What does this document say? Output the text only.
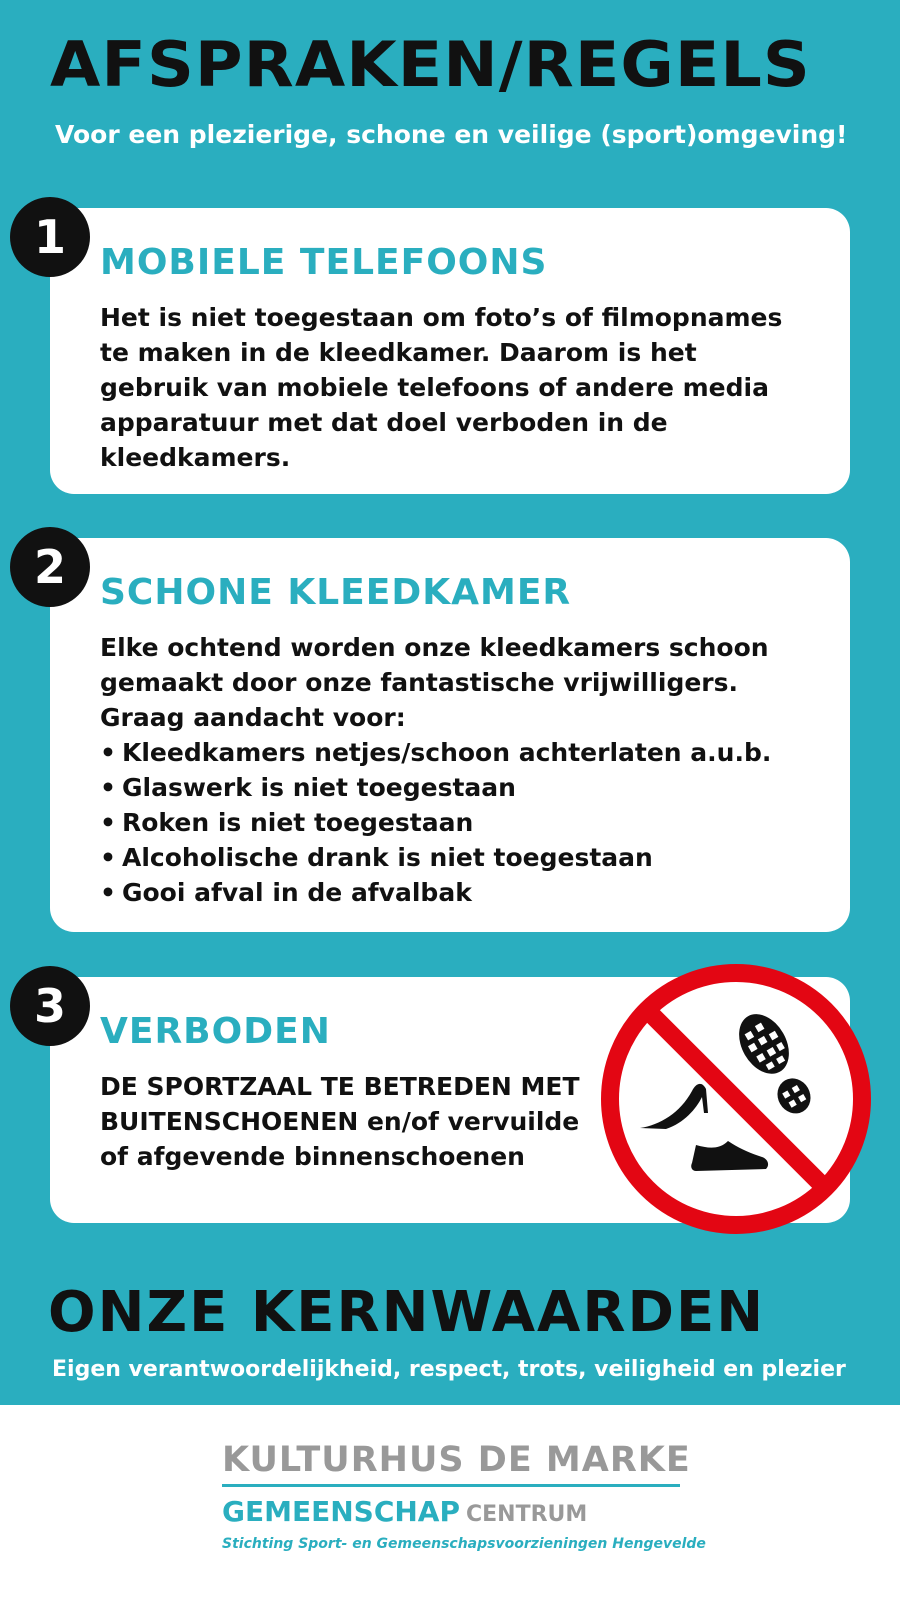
AFSPRAKEN/REGELS
Voor een plezierige, schone en veilige (sport)omgeving!
MOBIELE TELEFOONS
Het is niet toegestaan om foto’s of filmopnames te maken in de kleedkamer. Daarom is het gebruik van mobiele telefoons of andere media apparatuur met dat doel verboden in de kleedkamers.
1
SCHONE KLEEDKAMER
Elke ochtend worden onze kleedkamers schoon gemaakt door onze fantastische vrijwilligers. Graag aandacht voor:
• Kleedkamers netjes/schoon achterlaten a.u.b.
• Glaswerk is niet toegestaan
• Roken is niet toegestaan
• Alcoholische drank is niet toegestaan
• Gooi afval in de afvalbak
2
VERBODEN
DE SPORTZAAL TE BETREDEN MET BUITENSCHOENEN en/of vervuilde of afgevende binnenschoenen
3
ONZE KERNWAARDEN
Eigen verantwoordelijkheid, respect, trots, veiligheid en plezier
KULTURHUS DE MARKE
GEMEENSCHAP CENTRUM
Stichting Sport- en Gemeenschapsvoorzieningen Hengevelde
